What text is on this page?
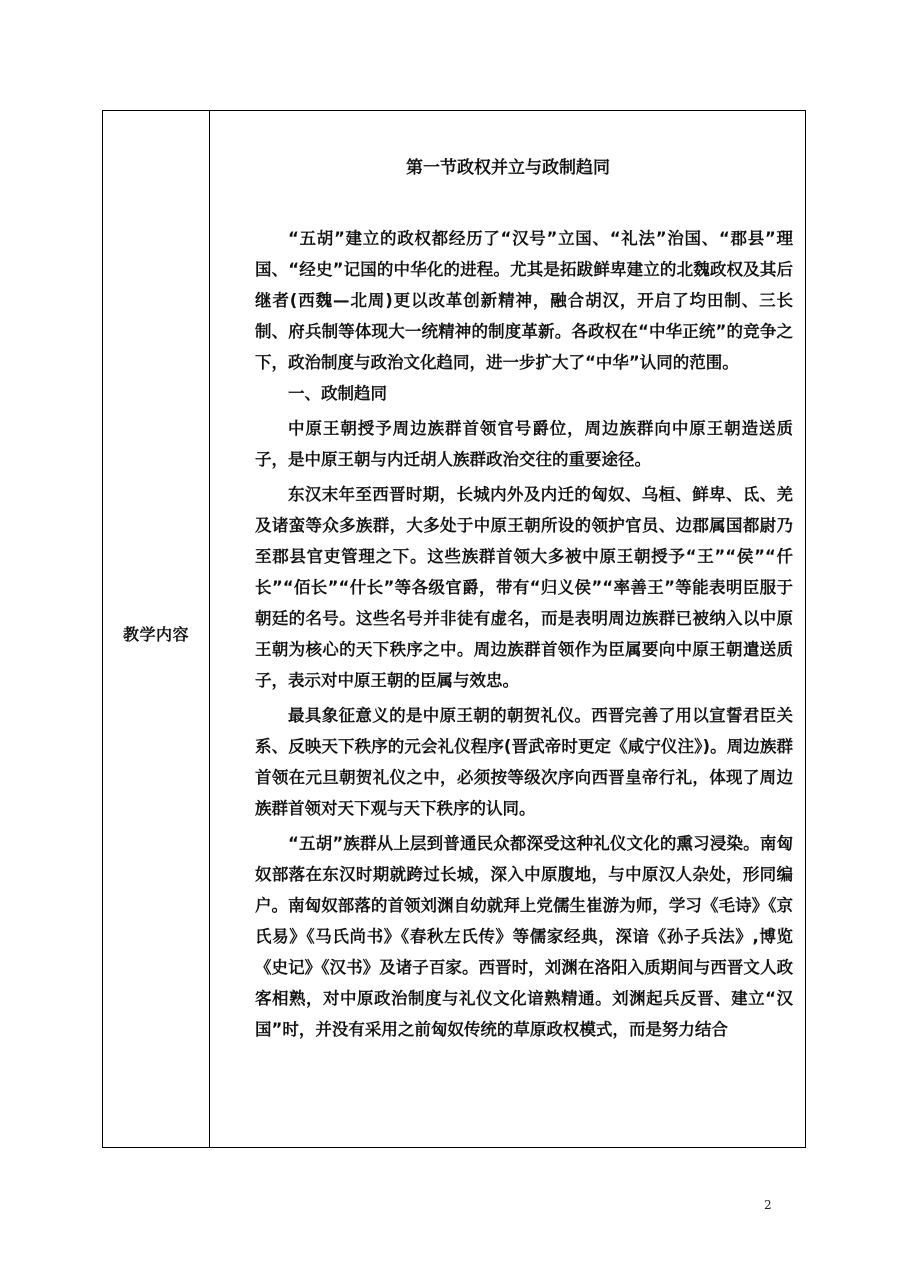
教学内容
第一节政权并立与政制趋同

“五胡”建立的政权都经历了“汉号”立国、“礼法”治国、“郡县”理国、“经史”记国的中华化的进程。尤其是拓跋鲜卑建立的北魏政权及其后继者(西魏—北周)更以改革创新精神，融合胡汉，开启了均田制、三长制、府兵制等体现大一统精神的制度革新。各政权在“中华正统”的竞争之下，政治制度与政治文化趋同，进一步扩大了“中华”认同的范围。

一、政制趋同

中原王朝授予周边族群首领官号爵位，周边族群向中原王朝造送质子，是中原王朝与内迁胡人族群政治交往的重要途径。

东汉末年至西晋时期，长城内外及内迁的匈奴、乌桓、鲜卑、氐、羌及诸蛮等众多族群，大多处于中原王朝所设的领护官员、边郡属国都尉乃至郡县官吏管理之下。这些族群首领大多被中原王朝授予“王”“侯”“仟长”“佰长”“什长”等各级官爵，带有“归义侯”“率善王”等能表明臣服于朝廷的名号。这些名号并非徒有虚名，而是表明周边族群已被纳入以中原王朝为核心的天下秩序之中。周边族群首领作为臣属要向中原王朝遣送质子，表示对中原王朝的臣属与效忠。

最具象征意义的是中原王朝的朝贺礼仪。西晋完善了用以宣誓君臣关系、反映天下秩序的元会礼仪程序(晋武帝时更定《咸宁仪注》)。周边族群首领在元旦朝贺礼仪之中，必须按等级次序向西晋皇帝行礼，体现了周边族群首领对天下观与天下秩序的认同。

“五胡”族群从上层到普通民众都深受这种礼仪文化的熏习浸染。南匈奴部落在东汉时期就跨过长城，深入中原腹地，与中原汉人杂处，形同编户。南匈奴部落的首领刘渊自幼就拜上党儒生崔游为师，学习《毛诗》《京氏易》《马氏尚书》《春秋左氏传》等儒家经典，深谙《孙子兵法》,博览《史记》《汉书》及诸子百家。西晋时，刘渊在洛阳入质期间与西晋文人政客相熟，对中原政治制度与礼仪文化谙熟精通。刘渊起兵反晋、建立“汉国”时，并没有采用之前匈奴传统的草原政权模式，而是努力结合

2
